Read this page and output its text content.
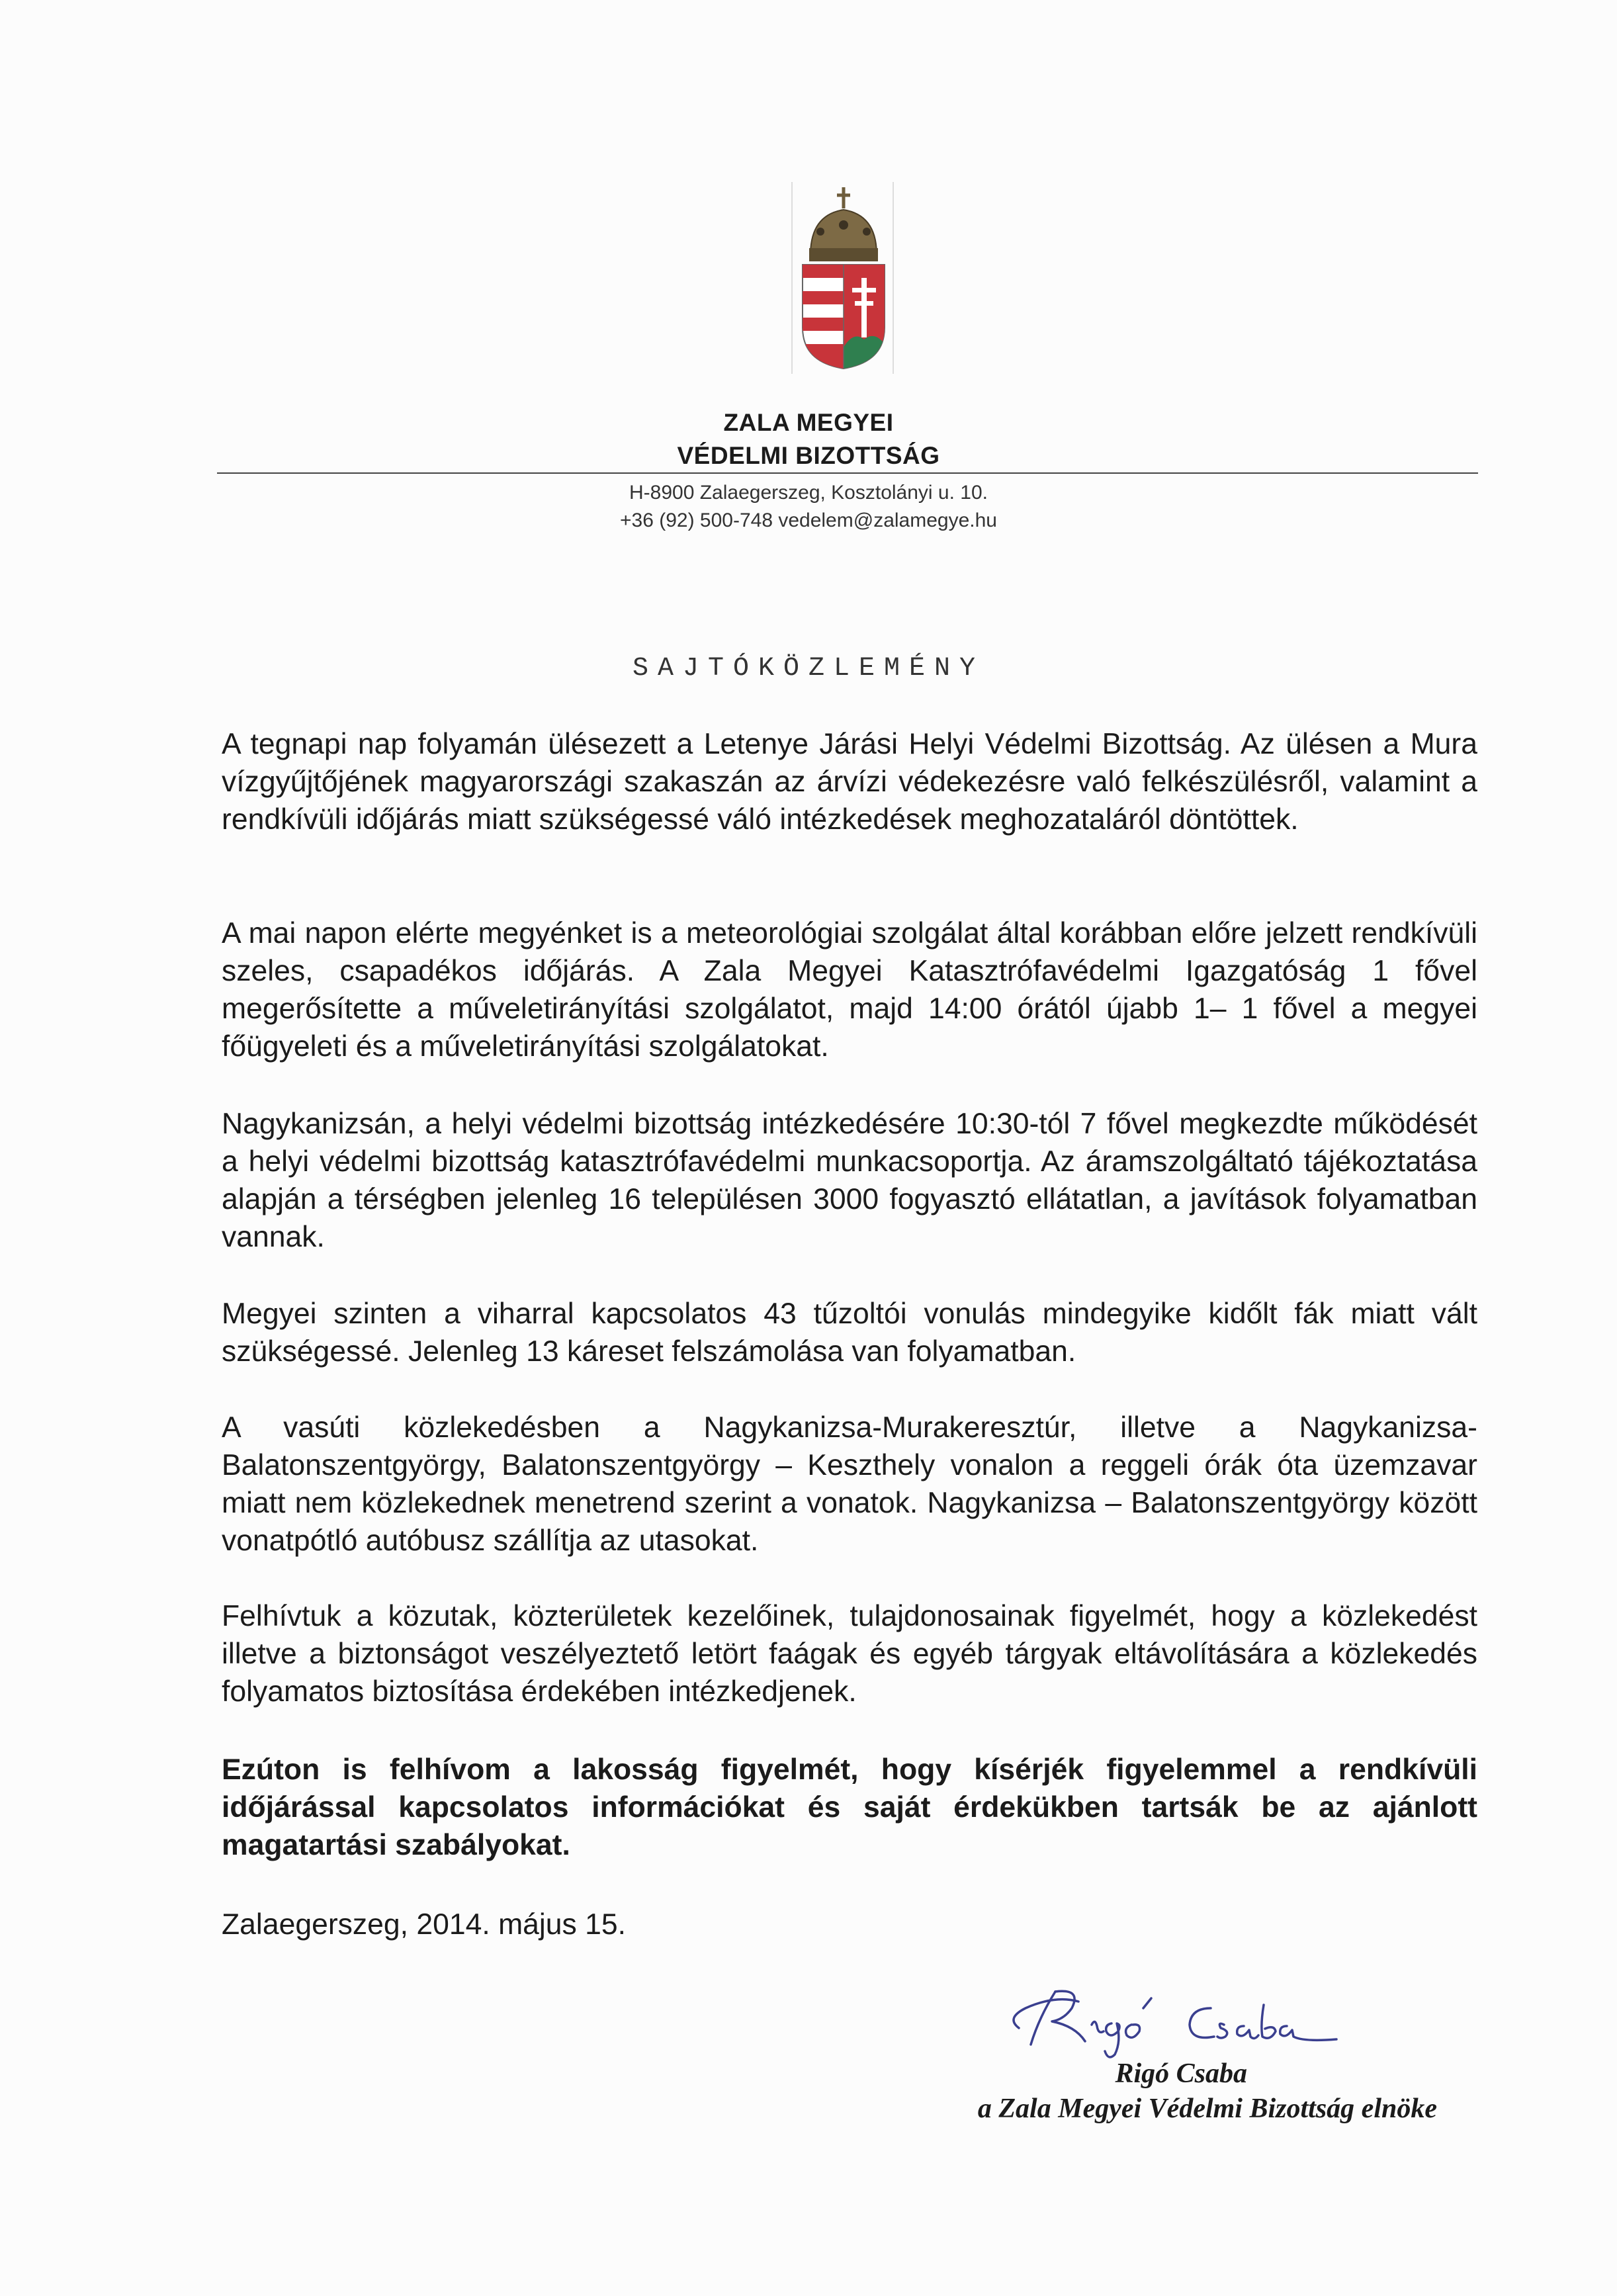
ZALA MEGYEI
VÉDELMI BIZOTTSÁG
H-8900 Zalaegerszeg, Kosztolányi u. 10.
+36 (92) 500-748 vedelem@zalamegye.hu
SAJTÓKÖZLEMÉNY

A tegnapi nap folyamán ülésezett a Letenye Járási Helyi Védelmi Bizottság. Az ülésen a Mura vízgyűjtőjének magyarországi szakaszán az árvízi védekezésre való felkészülésről, valamint a rendkívüli időjárás miatt szükségessé váló intézkedések meghozataláról döntöttek.

A mai napon elérte megyénket is a meteorológiai szolgálat által korábban előre jelzett rendkívüli szeles, csapadékos időjárás. A Zala Megyei Katasztrófavédelmi Igazgatóság 1 fővel megerősítette a műveletirányítási szolgálatot, majd 14:00 órától újabb 1– 1 fővel a megyei főügyeleti és a műveletirányítási szolgálatokat.

Nagykanizsán, a helyi védelmi bizottság intézkedésére 10:30-tól 7 fővel megkezdte működését a helyi védelmi bizottság katasztrófavédelmi munkacsoportja. Az áramszolgáltató tájékoztatása alapján a térségben jelenleg 16 településen 3000 fogyasztó ellátatlan, a javítások folyamatban vannak.

Megyei szinten a viharral kapcsolatos 43 tűzoltói vonulás mindegyike kidőlt fák miatt vált szükségessé. Jelenleg 13 káreset felszámolása van folyamatban.

A vasúti közlekedésben a Nagykanizsa-Murakeresztúr, illetve a Nagykanizsa-Balatonszentgyörgy, Balatonszentgyörgy – Keszthely vonalon a reggeli órák óta üzemzavar miatt nem közlekednek menetrend szerint a vonatok. Nagykanizsa – Balatonszentgyörgy között vonatpótló autóbusz szállítja az utasokat.

Felhívtuk a közutak, közterületek kezelőinek, tulajdonosainak figyelmét, hogy a közlekedést illetve a biztonságot veszélyeztető letört faágak és egyéb tárgyak eltávolítására a közlekedés folyamatos biztosítása érdekében intézkedjenek.

Ezúton is felhívom a lakosság figyelmét, hogy kísérjék figyelemmel a rendkívüli időjárással kapcsolatos információkat és saját érdekükben tartsák be az ajánlott magatartási szabályokat.

Zalaegerszeg, 2014. május 15.
Rigó Csaba
a Zala Megyei Védelmi Bizottság elnöke
